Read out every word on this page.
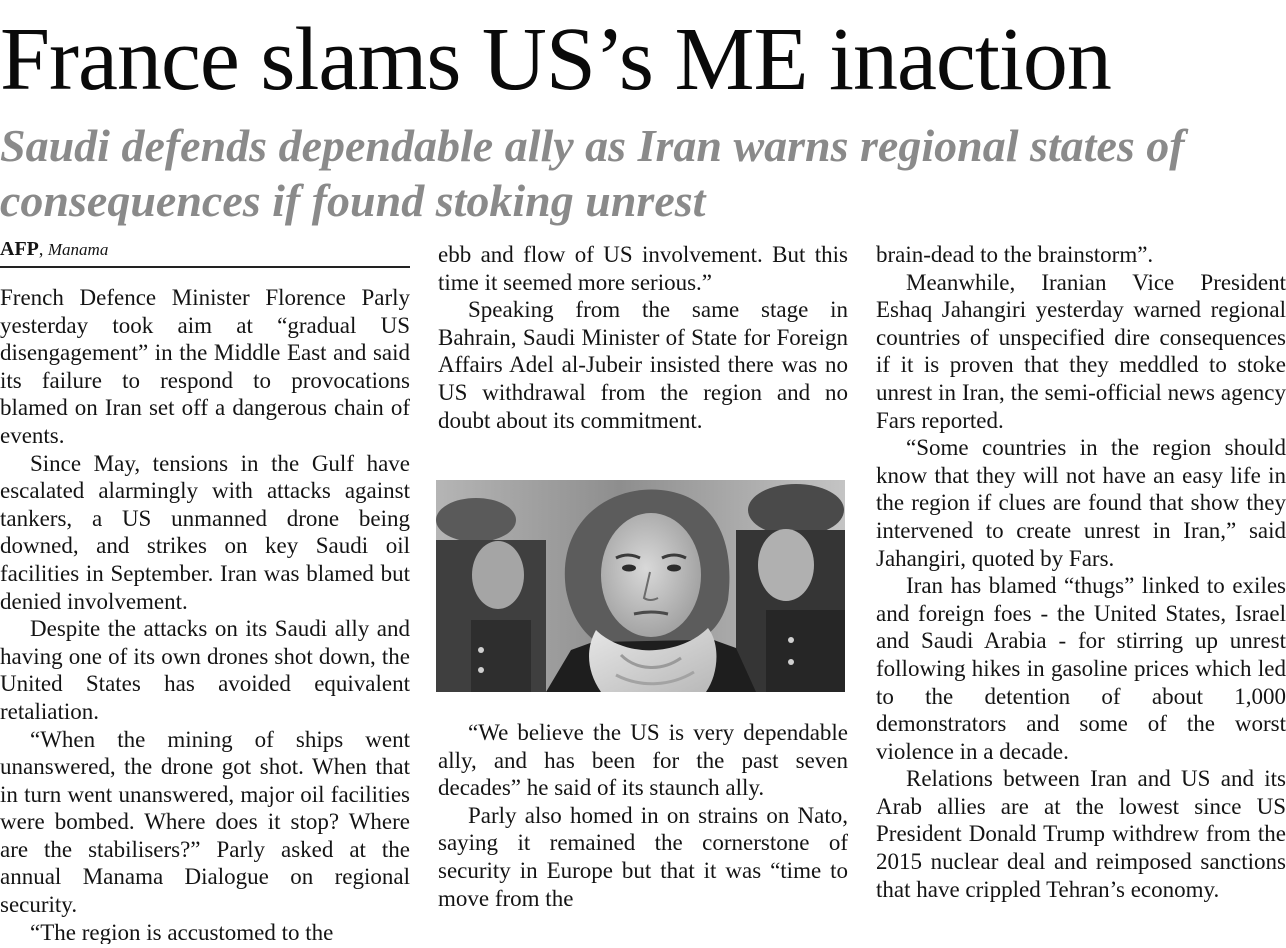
France slams US’s ME inaction
Saudi defends dependable ally as Iran warns regional states of consequences if found stoking unrest
AFP, Manama

French Defence Minister Florence Parly yesterday took aim at “gradual US disengagement” in the Middle East and said its failure to respond to provocations blamed on Iran set off a dangerous chain of events.

Since May, tensions in the Gulf have escalated alarmingly with attacks against tankers, a US unmanned drone being downed, and strikes on key Saudi oil facilities in September. Iran was blamed but denied involvement.

Despite the attacks on its Saudi ally and having one of its own drones shot down, the United States has avoided equivalent retaliation.

“When the mining of ships went unanswered, the drone got shot. When that in turn went unanswered, major oil facilities were bombed. Where does it stop? Where are the stabilisers?” Parly asked at the annual Manama Dialogue on regional security.

“The region is accustomed to the

ebb and flow of US involvement. But this time it seemed more serious.”

Speaking from the same stage in Bahrain, Saudi Minister of State for Foreign Affairs Adel al-Jubeir insisted there was no US withdrawal from the region and no doubt about its commitment.

“We believe the US is very dependable ally, and has been for the past seven decades” he said of its staunch ally.

Parly also homed in on strains on Nato, saying it remained the cornerstone of security in Europe but that it was “time to move from the

brain-dead to the brainstorm”.

Meanwhile, Iranian Vice President Eshaq Jahangiri yesterday warned regional countries of unspecified dire consequences if it is proven that they meddled to stoke unrest in Iran, the semi-official news agency Fars reported.

“Some countries in the region should know that they will not have an easy life in the region if clues are found that show they intervened to create unrest in Iran,” said Jahangiri, quoted by Fars.

Iran has blamed “thugs” linked to exiles and foreign foes - the United States, Israel and Saudi Arabia - for stirring up unrest following hikes in gasoline prices which led to the detention of about 1,000 demonstrators and some of the worst violence in a decade.

Relations between Iran and US and its Arab allies are at the lowest since US President Donald Trump withdrew from the 2015 nuclear deal and reimposed sanctions that have crippled Tehran’s economy.
